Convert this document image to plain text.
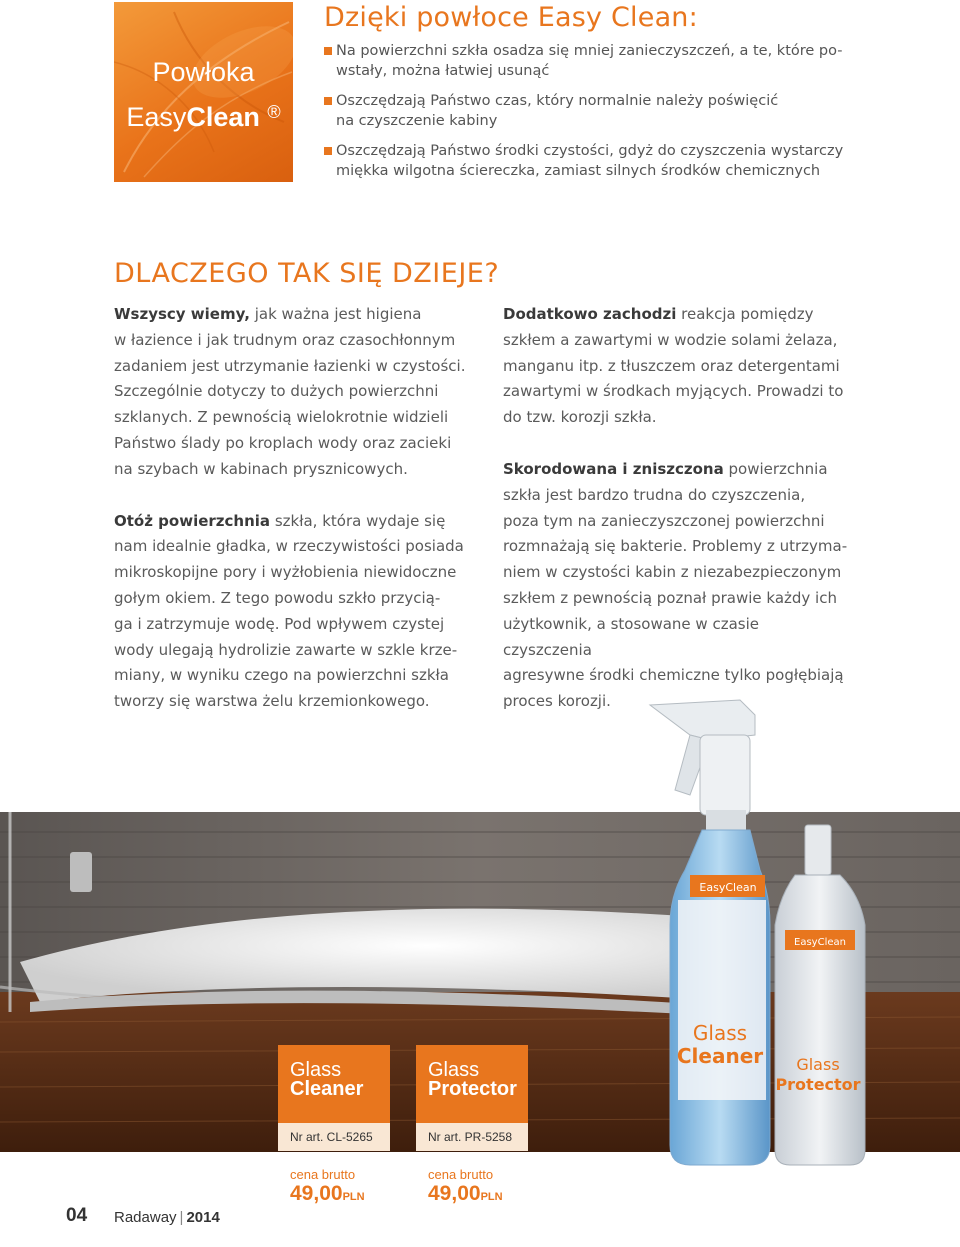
Powłoka
EasyClean ®
Dzięki powłoce Easy Clean:
Na powierzchni szkła osadza się mniej zanieczyszczeń, a te, które po-
wstały, można łatwiej usunąć
Oszczędzają Państwo czas, który normalnie należy poświęcić
na czyszczenie kabiny
Oszczędzają Państwo środki czystości, gdyż do czyszczenia wystarczy
miękka wilgotna ściereczka, zamiast silnych środków chemicznych
DLACZEGO TAK SIĘ DZIEJE?

Wszyscy wiemy, jak ważna jest higiena
w łazience i jak trudnym oraz czasochłonnym
zadaniem jest utrzymanie łazienki w czystości.
Szczególnie dotyczy to dużych powierzchni
szklanych. Z pewnością wielokrotnie widzieli
Państwo ślady po kroplach wody oraz zacieki
na szybach w kabinach prysznicowych.

Otóż powierzchnia szkła, która wydaje się
nam idealnie gładka, w rzeczywistości posiada
mikroskopijne pory i wyżłobienia niewidoczne
gołym okiem. Z tego powodu szkło przycią-
ga i zatrzymuje wodę. Pod wpływem czystej
wody ulegają hydrolizie zawarte w szkle krze-
miany, w wyniku czego na powierzchni szkła
tworzy się warstwa żelu krzemionkowego.

Dodatkowo zachodzi reakcja pomiędzy
szkłem a zawartymi w wodzie solami żelaza,
manganu itp. z tłuszczem oraz detergentami
zawartymi w środkach myjących. Prowadzi to
do tzw. korozji szkła.

Skorodowana i zniszczona powierzchnia
szkła jest bardzo trudna do czyszczenia,
poza tym na zanieczyszczonej powierzchni
rozmnażają się bakterie. Problemy z utrzyma-
niem w czystości kabin z niezabezpieczonym
szkłem z pewnością poznał prawie każdy ich
użytkownik, a stosowane w czasie czyszczenia
agresywne środki chemiczne tylko pogłębiają
proces korozji.

EasyClean
Glass
Cleaner
EasyClean
Glass
Protector
Glass
Cleaner
Nr art. CL-5265
cena brutto
49,00PLN
Glass
Protector
Nr art. PR-5258
cena brutto
49,00PLN
04 Radaway | 2014
